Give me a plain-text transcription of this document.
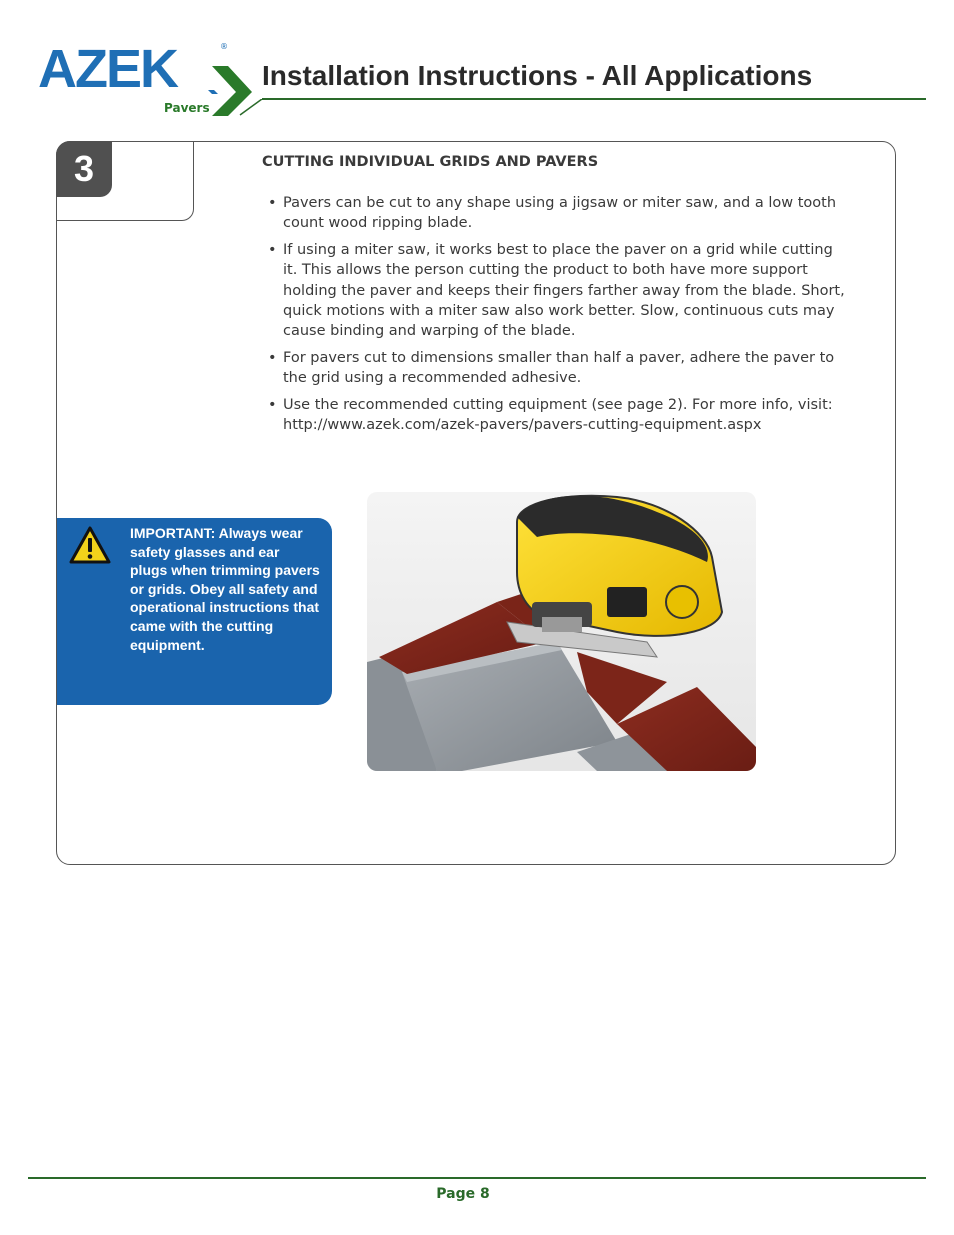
AZEK	®
Pavers
Installation Instructions - All Applications
3	CUTTING INDIVIDUAL GRIDS AND PAVERS
• Pavers can be cut to any shape using a jigsaw or miter saw, and a low tooth count wood ripping blade.
• If using a miter saw, it works best to place the paver on a grid while cutting it. This allows the person cutting the product to both have more support holding the paver and keeps their fingers farther away from the blade. Short, quick motions with a miter saw also work better. Slow, continuous cuts may cause binding and warping of the blade.
• For pavers cut to dimensions smaller than half a paver, adhere the paver to the grid using a recommended adhesive.
• Use the recommended cutting equipment (see page 2). For more info, visit: http://www.azek.com/azek-pavers/pavers-cutting-equipment.aspx
IMPORTANT: Always wear safety glasses and ear plugs when trimming pavers or grids. Obey all safety and operational instructions that came with the cutting equipment.
Page 8
